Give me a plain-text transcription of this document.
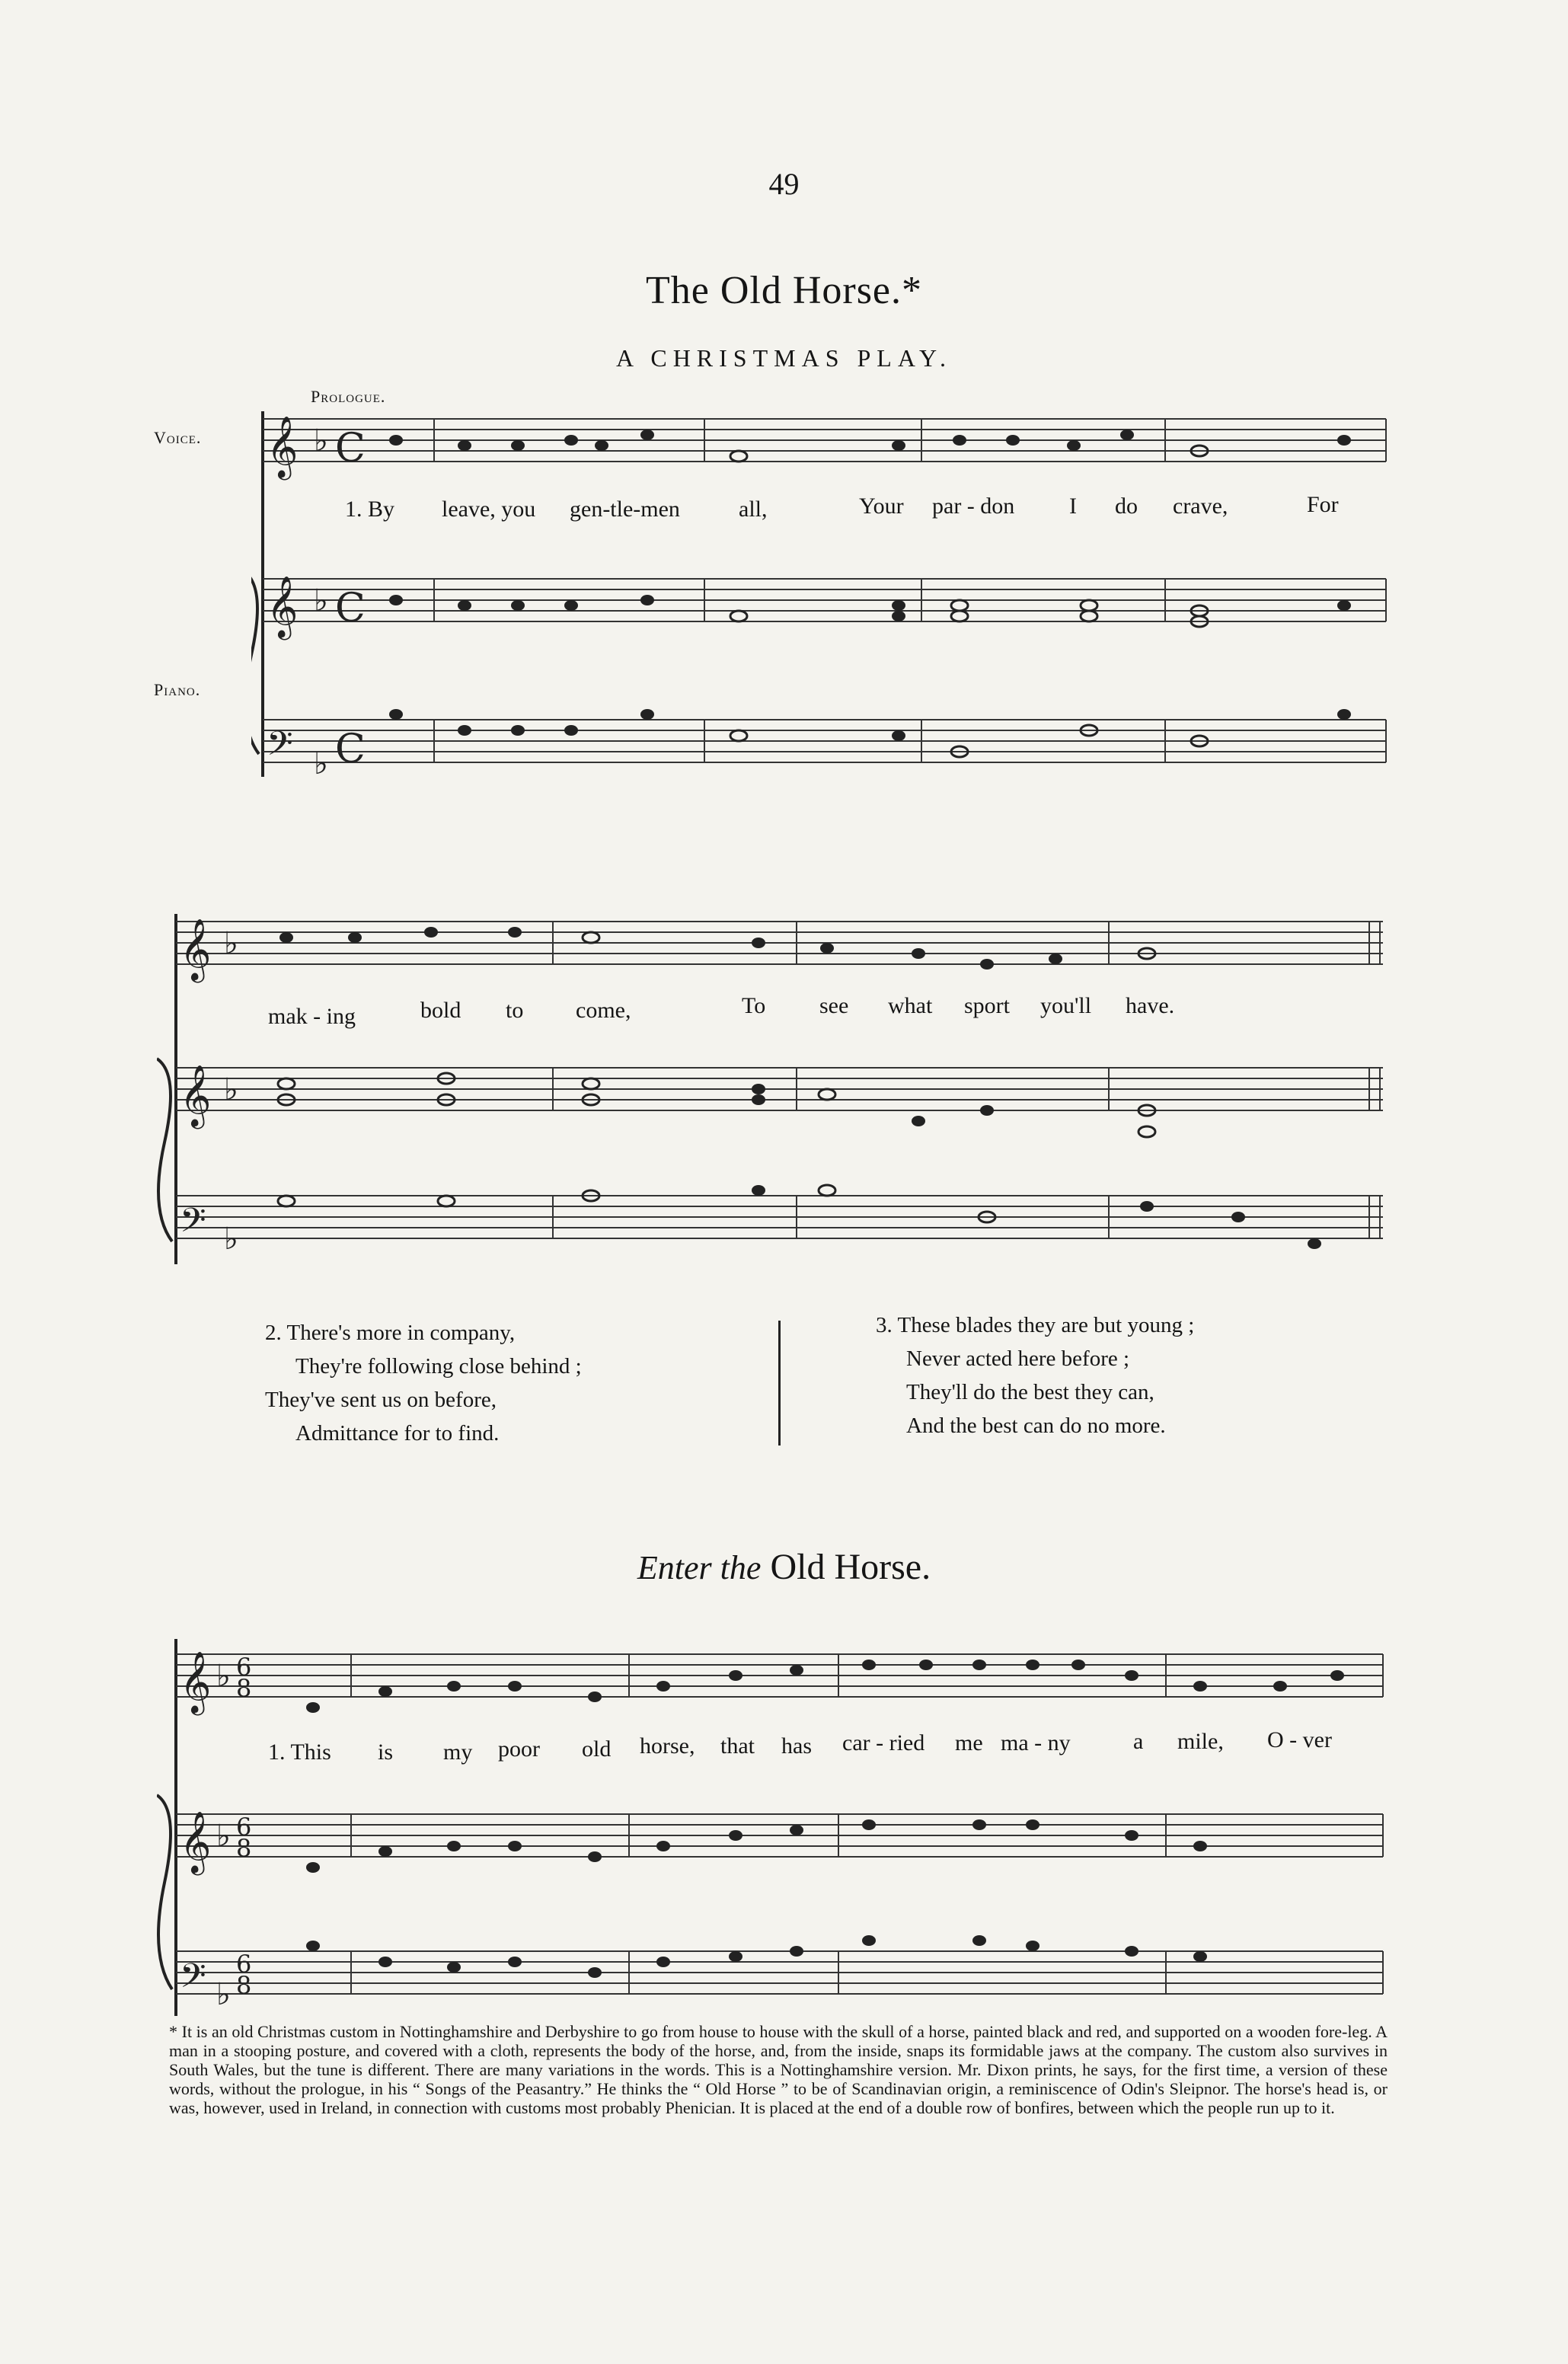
49
The Old Horse.*
A CHRISTMAS PLAY.
Prologue.
Voice.
Piano.
𝄞
𝄞
𝄢
♭ C
♭ C
♭ C
1. By leave, you gen-tle-men	all,	Your par - don I do crave,	For
𝄞
𝄞
𝄢
♭
♭
♭
mak - ing	bold to come,	To see what sport you'll have.
2. There's more in company,
They're following close behind ;
They've sent us on before,
Admittance for to find.
3. These blades they are but young ;
Never acted here before ;
They'll do the best they can,
And the best can do no more.
Enter the Old Horse.
𝄞
𝄞
𝄢
♭
♭
♭
6
8
6
8
6
8
1. This is my poor old horse, that has car - ried me ma - ny	a mile, O - ver
* It is an old Christmas custom in Nottinghamshire and Derbyshire to go from house to house with the skull of a horse, painted black and red, and supported on a wooden fore-leg. A man in a stooping posture, and covered with a cloth, represents the body of the horse, and, from the inside, snaps its formidable jaws at the company. The custom also survives in South Wales, but the tune is different. There are many variations in the words. This is a Nottinghamshire version. Mr. Dixon prints, he says, for the first time, a version of these words, without the prologue, in his “ Songs of the Peasantry.” He thinks the “ Old Horse ” to be of Scandinavian origin, a reminiscence of Odin's Sleipnor. The horse's head is, or was, however, used in Ireland, in connection with customs most probably Phenician. It is placed at the end of a double row of bonfires, between which the people run up to it.
